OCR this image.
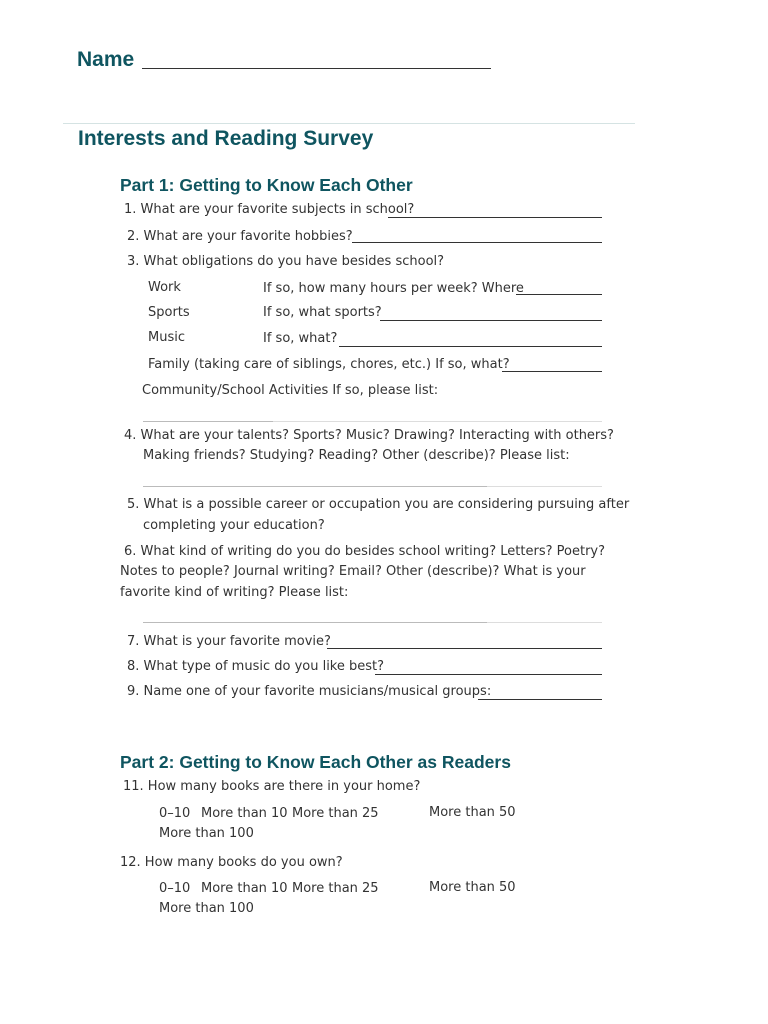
Name
Interests and Reading Survey
Part 1: Getting to Know Each Other
1. What are your favorite subjects in school?
2. What are your favorite hobbies?
3. What obligations do you have besides school?
Work	If so, how many hours per week? Where
Sports	If so, what sports?
Music	If so, what?
Family (taking care of siblings, chores, etc.) If so, what?
Community/School Activities If so, please list:
4. What are your talents? Sports? Music? Drawing? Interacting with others?
Making friends? Studying? Reading? Other (describe)? Please list:
5. What is a possible career or occupation you are considering pursuing after
completing your education?
6. What kind of writing do you do besides school writing? Letters? Poetry?
Notes to people? Journal writing? Email? Other (describe)? What is your
favorite kind of writing? Please list:
7. What is your favorite movie?
8. What type of music do you like best?
9. Name one of your favorite musicians/musical groups:
Part 2: Getting to Know Each Other as Readers
11. How many books are there in your home?
0–10 More than 10 More than 25	More than 50
More than 100
12. How many books do you own?
0–10 More than 10 More than 25	More than 50
More than 100
